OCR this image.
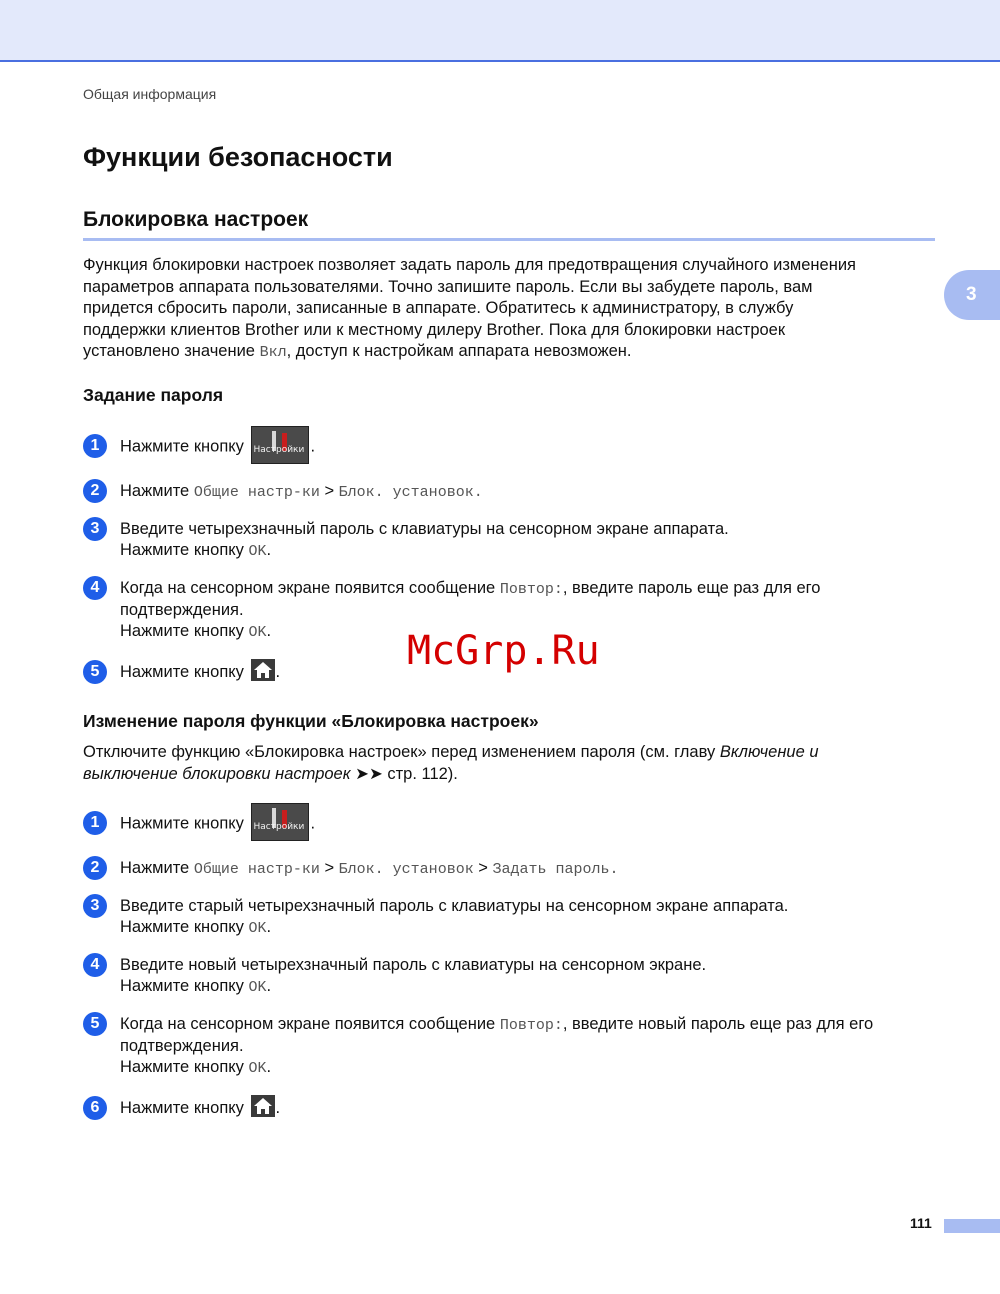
Общая информация
Функции безопасности
Блокировка настроек
3
Функция блокировки настроек позволяет задать пароль для предотвращения случайного изменения
параметров аппарата пользователями. Точно запишите пароль. Если вы забудете пароль, вам
придется сбросить пароли, записанные в аппарате. Обратитесь к администратору, в службу
поддержки клиентов Brother или к местному дилеру Brother. Пока для блокировки настроек
установлено значение Вкл, доступ к настройкам аппарата невозможен.
Задание пароля
1	Нажмите кнопку Настройки .
2	Нажмите Общие настр-ки > Блок. установок.
3	Введите четырехзначный пароль с клавиатуры на сенсорном экране аппарата.
Нажмите кнопку OK.
4	Когда на сенсорном экране появится сообщение Повтор:, введите пароль еще раз для его
подтверждения.
Нажмите кнопку OK.
5	Нажмите кнопку .	McGrp.Ru
Изменение пароля функции «Блокировка настроек»
Отключите функцию «Блокировка настроек» перед изменением пароля (см. главу Включение и
выключение блокировки настроек ➤➤ стр. 112).
1	Нажмите кнопку Настройки .
2	Нажмите Общие настр-ки > Блок. установок > Задать пароль.
3	Введите старый четырехзначный пароль с клавиатуры на сенсорном экране аппарата.
Нажмите кнопку OK.
4	Введите новый четырехзначный пароль с клавиатуры на сенсорном экране.
Нажмите кнопку OK.
5	Когда на сенсорном экране появится сообщение Повтор:, введите новый пароль еще раз для его
подтверждения.
Нажмите кнопку OK.
6	Нажмите кнопку .
111
